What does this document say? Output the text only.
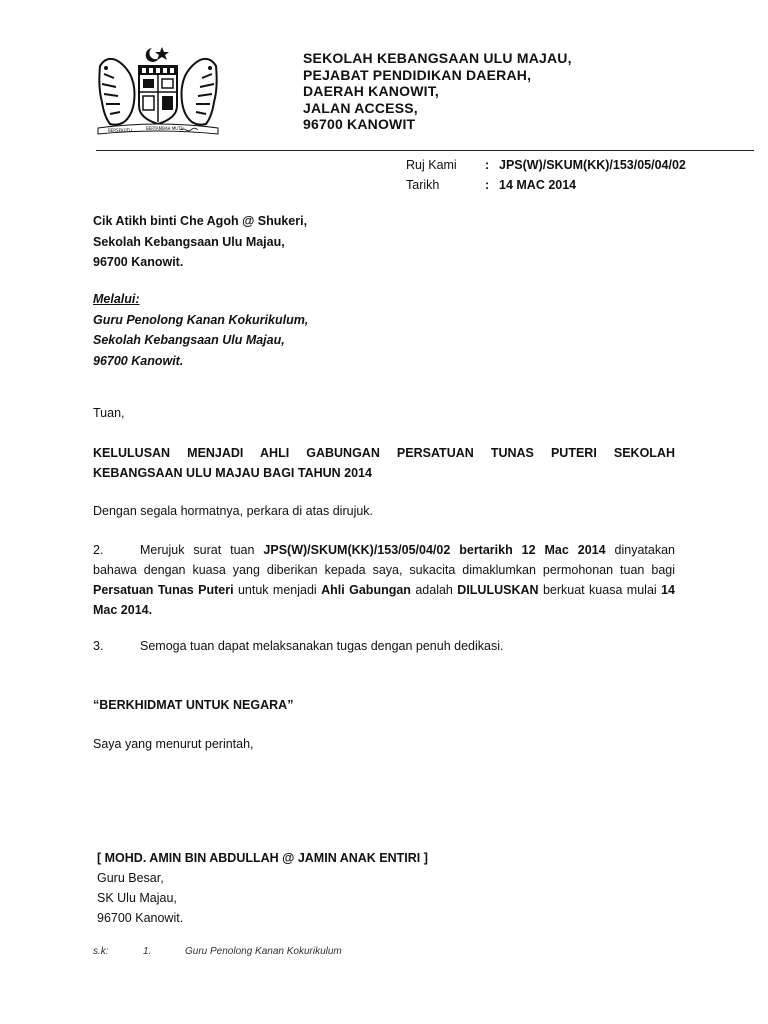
BERSEKUTU	BERTAMBAH MUTU
SEKOLAH KEBANGSAAN ULU MAJAU,
PEJABAT PENDIDIKAN DAERAH,
DAERAH KANOWIT,
JALAN ACCESS,
96700 KANOWIT
Ruj Kami : JPS(W)/SKUM(KK)/153/05/04/02
Tarikh	: 14 MAC 2014
Cik Atikh binti Che Agoh @ Shukeri,
Sekolah Kebangsaan Ulu Majau,
96700 Kanowit.
Melalui:
Guru Penolong Kanan Kokurikulum,
Sekolah Kebangsaan Ulu Majau,
96700 Kanowit.
Tuan,
KELULUSAN MENJADI AHLI GABUNGAN PERSATUAN TUNAS PUTERI SEKOLAH
KEBANGSAAN ULU MAJAU BAGI TAHUN 2014
Dengan segala hormatnya, perkara di atas dirujuk.
2.	Merujuk surat tuan JPS(W)/SKUM(KK)/153/05/04/02 bertarikh 12 Mac 2014 dinyatakan bahawa dengan kuasa yang diberikan kepada saya, sukacita dimaklumkan permohonan tuan bagi Persatuan Tunas Puteri untuk menjadi Ahli Gabungan adalah DILULUSKAN berkuat kuasa mulai 14 Mac 2014.
3.	Semoga tuan dapat melaksanakan tugas dengan penuh dedikasi.
“BERKHIDMAT UNTUK NEGARA”
Saya yang menurut perintah,
[ MOHD. AMIN BIN ABDULLAH @ JAMIN ANAK ENTIRI ]
Guru Besar,
SK Ulu Majau,
96700 Kanowit.
s.k:	1.	Guru Penolong Kanan Kokurikulum
